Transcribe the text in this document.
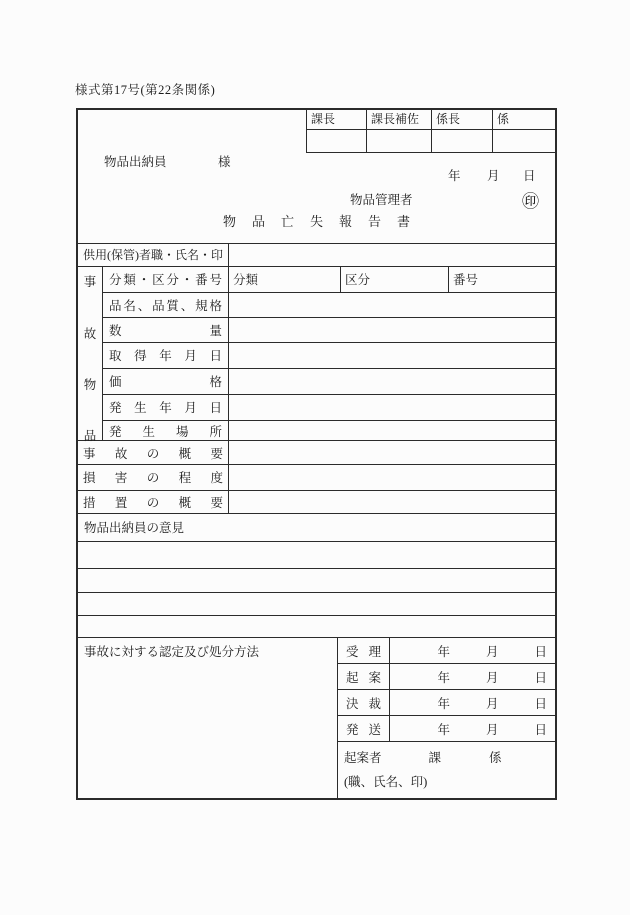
様式第17号(第22条関係)
課長	課長補佐	係長	係
物品出納員	様
年 月 日
物品管理者	㊞
物品亡失報告書
供用(保管)者職・氏名・印
事
故
物
品
分類・区分・番号 分類	区分	番号
品名、品質、規格
数量
取得年月日
価格
発生年月日
発生場所
事故の概要
損害の程度
措置の概要
物品出納員の意見
事故に対する認定及び処分方法	受理	年	月	日
起案	年	月	日
決裁	年	月	日
発送	年	月	日
起案者	課	係
(職、氏名、印)
